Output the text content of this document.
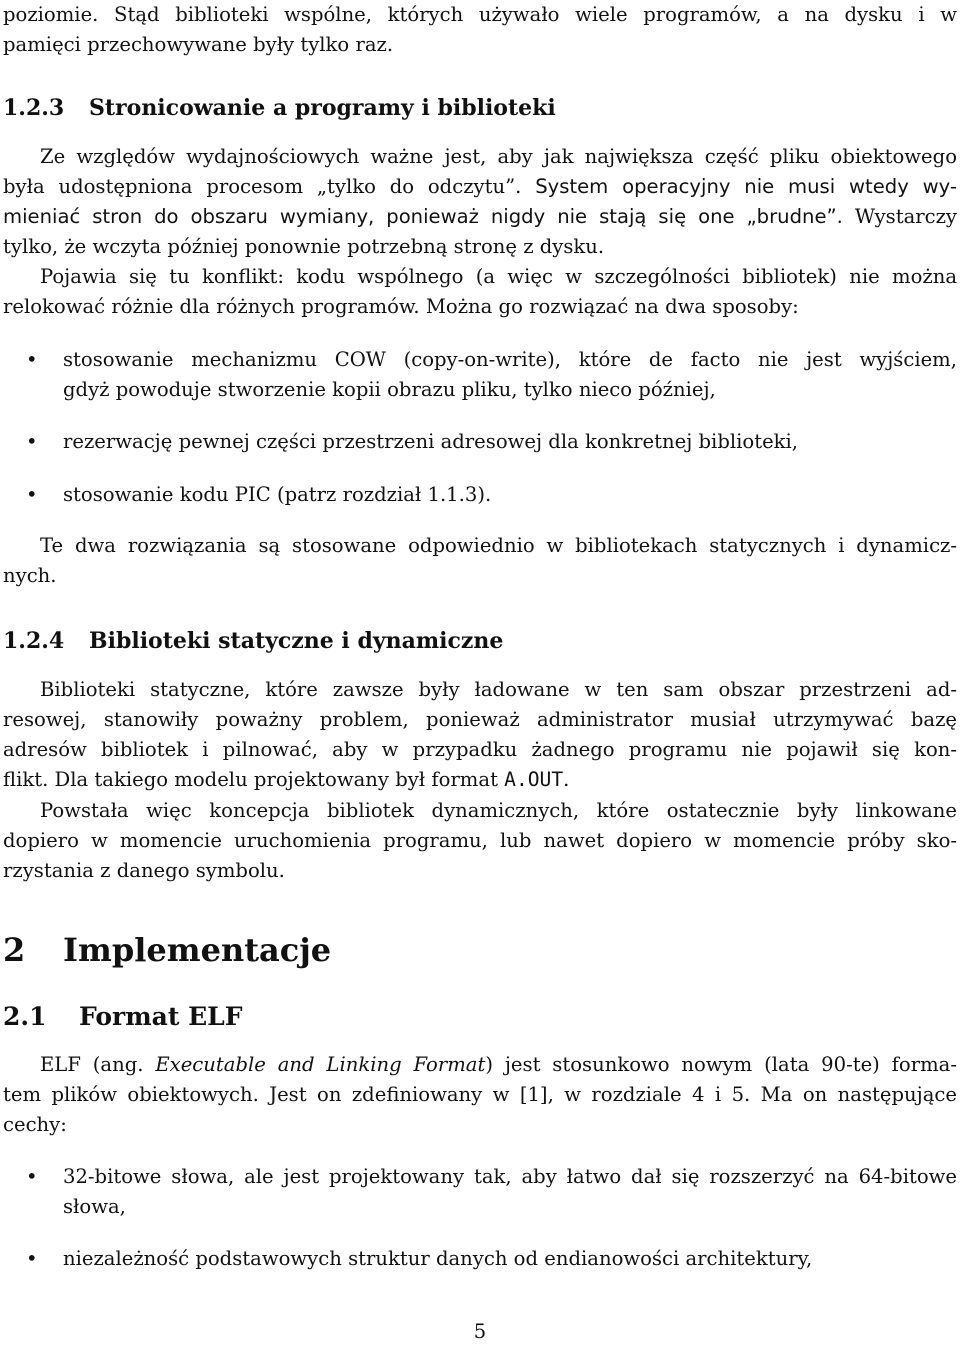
poziomie. Stąd biblioteki wspólne, których używało wiele programów, a na dysku i w
pamięci przechowywane były tylko raz.
1.2.3 Stronicowanie a programy i biblioteki
Ze względów wydajnościowych ważne jest, aby jak największa część pliku obiektowego
była udostępniona procesom „tylko do odczytu”. System operacyjny nie musi wtedy wy-
mieniać stron do obszaru wymiany, ponieważ nigdy nie stają się one „brudne”. Wystarczy
tylko, że wczyta później ponownie potrzebną stronę z dysku.
Pojawia się tu konflikt: kodu wspólnego (a więc w szczególności bibliotek) nie można
relokować różnie dla różnych programów. Można go rozwiązać na dwa sposoby:
• stosowanie mechanizmu COW (copy-on-write), które de facto nie jest wyjściem,
gdyż powoduje stworzenie kopii obrazu pliku, tylko nieco później,
• rezerwację pewnej części przestrzeni adresowej dla konkretnej biblioteki,
• stosowanie kodu PIC (patrz rozdział 1.1.3).
Te dwa rozwiązania są stosowane odpowiednio w bibliotekach statycznych i dynamicz-
nych.
1.2.4 Biblioteki statyczne i dynamiczne
Biblioteki statyczne, które zawsze były ładowane w ten sam obszar przestrzeni ad-
resowej, stanowiły poważny problem, ponieważ administrator musiał utrzymywać bazę
adresów bibliotek i pilnować, aby w przypadku żadnego programu nie pojawił się kon-
flikt. Dla takiego modelu projektowany był format A.OUT.
Powstała więc koncepcja bibliotek dynamicznych, które ostatecznie były linkowane
dopiero w momencie uruchomienia programu, lub nawet dopiero w momencie próby sko-
rzystania z danego symbolu.
2 Implementacje
2.1 Format ELF
ELF (ang. Executable and Linking Format) jest stosunkowo nowym (lata 90-te) forma-
tem plików obiektowych. Jest on zdefiniowany w [1], w rozdziale 4 i 5. Ma on następujące
cechy:
• 32-bitowe słowa, ale jest projektowany tak, aby łatwo dał się rozszerzyć na 64-bitowe
słowa,
• niezależność podstawowych struktur danych od endianowości architektury,
5
